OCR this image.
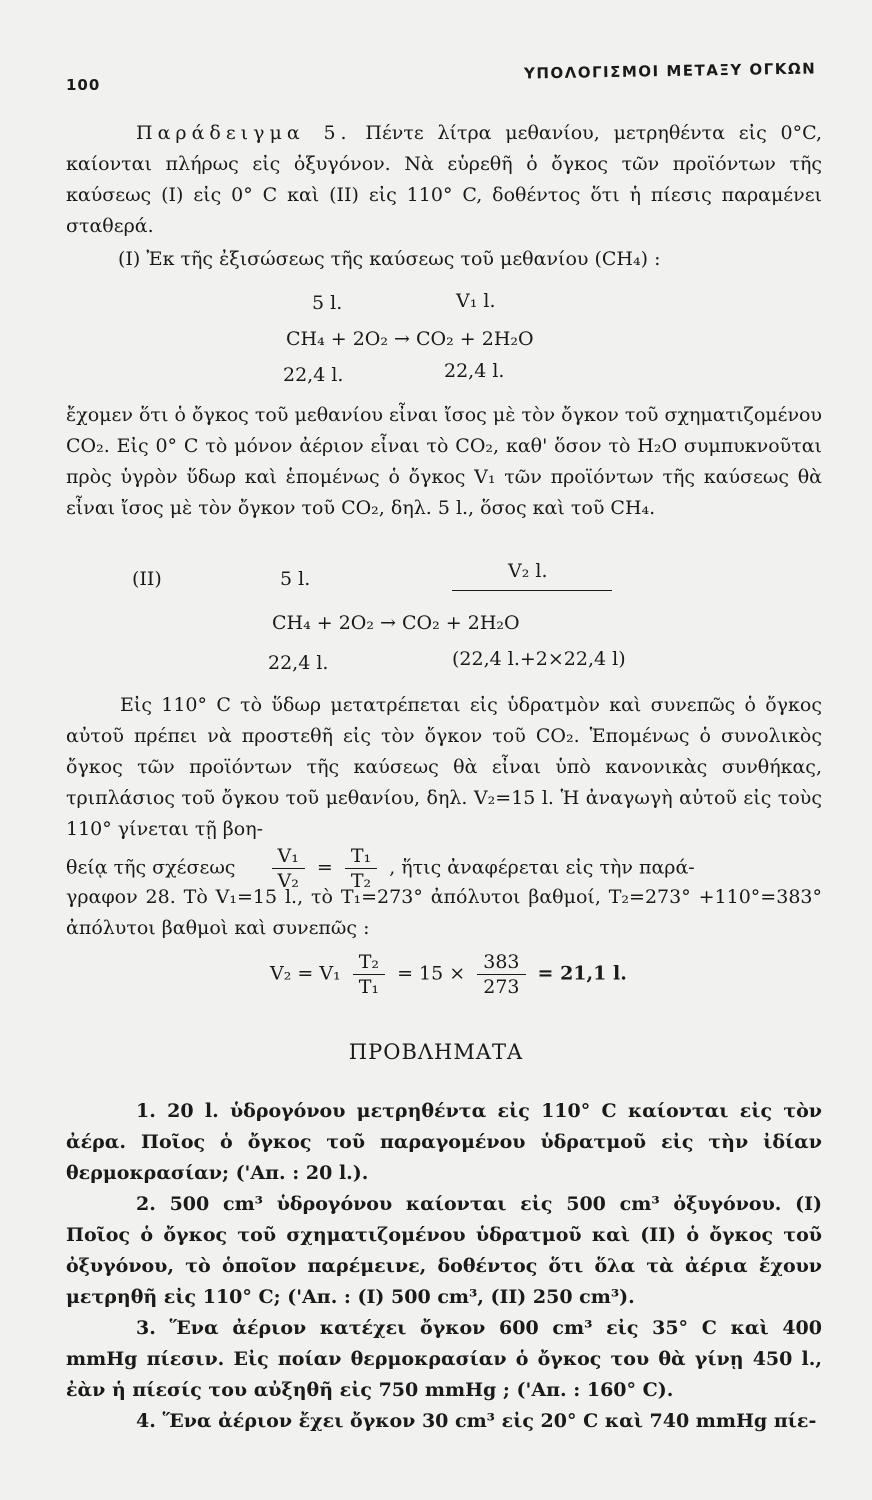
100
ΥΠΟΛΟΓΙΣΜΟΙ ΜΕΤΑΞΥ ΟΓΚΩΝ

Παράδειγμα 5. Πέντε λίτρα μεθανίου, μετρηθέντα εἰς 0°C, καίονται πλήρως εἰς ὀξυγόνον. Νὰ εὑρεθῆ ὁ ὄγκος τῶν προϊόντων τῆς καύσεως (I) εἰς 0° C καὶ (II) εἰς 110° C, δοθέντος ὅτι ἡ πίεσις παραμένει σταθερά.

(I) Ἐκ τῆς ἐξισώσεως τῆς καύσεως τοῦ μεθανίου (CH₄) :

5 l.	V₁ l.
CH₄ + 2O₂ → CO₂ + 2H₂O
22,4 l.	22,4 l.

ἔχομεν ὅτι ὁ ὄγκος τοῦ μεθανίου εἶναι ἴσος μὲ τὸν ὄγκον τοῦ σχηματιζομένου CO₂. Εἰς 0° C τὸ μόνον ἀέριον εἶναι τὸ CO₂, καθ' ὅσον τὸ H₂O συμπυκνοῦται πρὸς ὑγρὸν ὕδωρ καὶ ἑπομένως ὁ ὄγκος V₁ τῶν προϊόντων τῆς καύσεως θὰ εἶναι ἴσος μὲ τὸν ὄγκον τοῦ CO₂, δηλ. 5 l., ὅσος καὶ τοῦ CH₄.

(II)	5 l.	V₂ l.
CH₄ + 2O₂ → CO₂ + 2H₂O
22,4 l.	(22,4 l.+2×22,4 l)

Εἰς 110° C τὸ ὕδωρ μετατρέπεται εἰς ὑδρατμὸν καὶ συνεπῶς ὁ ὄγκος αὐτοῦ πρέπει νὰ προστεθῆ εἰς τὸν ὄγκον τοῦ CO₂. Ἑπομένως ὁ συνολικὸς ὄγκος τῶν προϊόντων τῆς καύσεως θὰ εἶναι ὑπὸ κανονικὰς συνθήκας, τριπλάσιος τοῦ ὄγκου τοῦ μεθανίου, δηλ. V₂=15 l. Ἡ ἀναγωγὴ αὐτοῦ εἰς τοὺς 110° γίνεται τῇ βοη-

θείᾳ τῆς σχέσεως $\frac{\text{V₁}}{\text{V₂}} = \frac{\text{T₁}}{\text{T₂}}$ , ἥτις ἀναφέρεται εἰς τὴν παρά-

γραφον 28. Τὸ V₁=15 l., τὸ T₁=273° ἀπόλυτοι βαθμοί, T₂=273° +110°=383° ἀπόλυτοι βαθμοὶ καὶ συνεπῶς :

$V_2 = V_1 \frac{\text{T₂}}{\text{T₁}} = 15 \times \frac{383}{273} = 21,1$ l.
ΠΡΟΒΛΗΜΑΤΑ

1. 20 l. ὑδρογόνου μετρηθέντα εἰς 110° C καίονται εἰς τὸν ἀέρα. Ποῖος ὁ ὄγκος τοῦ παραγομένου ὑδρατμοῦ εἰς τὴν ἰδίαν θερμοκρασίαν; ('Απ. : 20 l.).

2. 500 cm³ ὑδρογόνου καίονται εἰς 500 cm³ ὀξυγόνου. (I) Ποῖος ὁ ὄγκος τοῦ σχηματιζομένου ὑδρατμοῦ καὶ (II) ὁ ὄγκος τοῦ ὀξυγόνου, τὸ ὁποῖον παρέμεινε, δοθέντος ὅτι ὅλα τὰ ἀέρια ἔχουν μετρηθῆ εἰς 110° C; ('Απ. : (I) 500 cm³, (II) 250 cm³).

3. Ἕνα ἀέριον κατέχει ὄγκον 600 cm³ εἰς 35° C καὶ 400 mmHg πίεσιν. Εἰς ποίαν θερμοκρασίαν ὁ ὄγκος του θὰ γίνῃ 450 l., ἐὰν ἡ πίεσίς του αὐξηθῆ εἰς 750 mmHg ; ('Απ. : 160° C).

4. Ἕνα ἀέριον ἔχει ὄγκον 30 cm³ εἰς 20° C καὶ 740 mmHg πίε-
